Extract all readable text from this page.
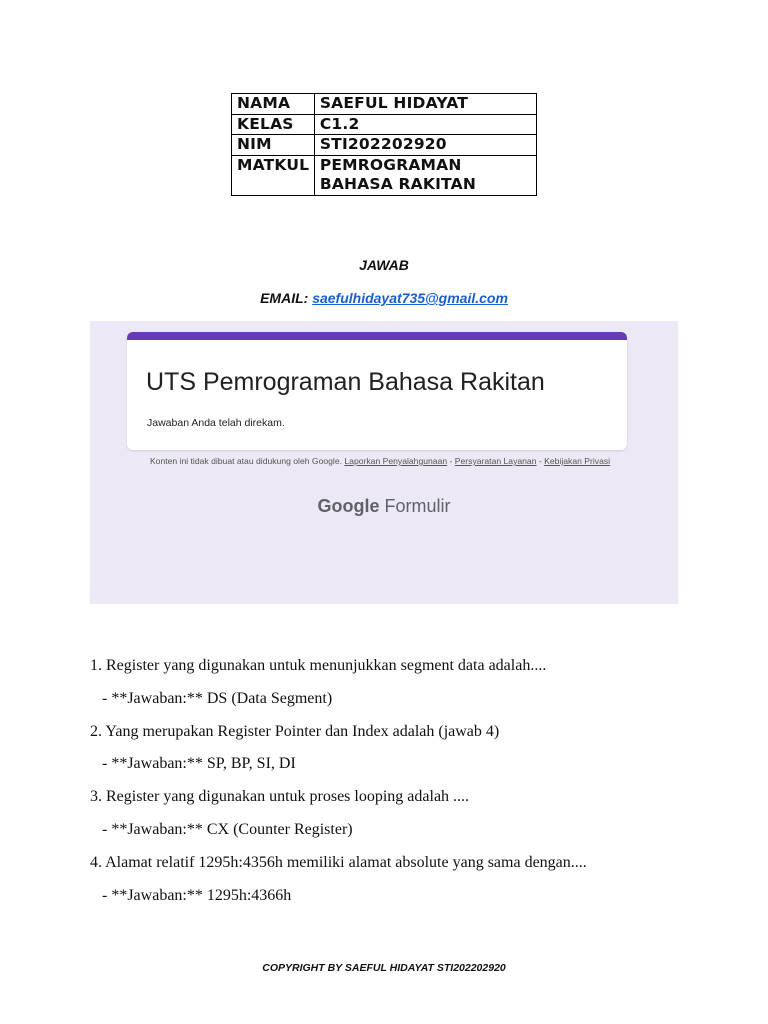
NAMA	SAEFUL HIDAYAT
KELAS	C1.2
NIM	STI202202920
MATKUL	PEMROGRAMAN BAHASA RAKITAN
JAWAB
EMAIL: saefulhidayat735@gmail.com
UTS Pemrograman Bahasa Rakitan
Jawaban Anda telah direkam.
Konten ini tidak dibuat atau didukung oleh Google. Laporkan Penyalahgunaan - Persyaratan Layanan - Kebijakan Privasi
Google Formulir
1. Register yang digunakan untuk menunjukkan segment data adalah....
- **Jawaban:** DS (Data Segment)
2. Yang merupakan Register Pointer dan Index adalah (jawab 4)
- **Jawaban:** SP, BP, SI, DI
3. Register yang digunakan untuk proses looping adalah ....
- **Jawaban:** CX (Counter Register)
4. Alamat relatif 1295h:4356h memiliki alamat absolute yang sama dengan....
- **Jawaban:** 1295h:4366h
COPYRIGHT BY SAEFUL HIDAYAT STI202202920
